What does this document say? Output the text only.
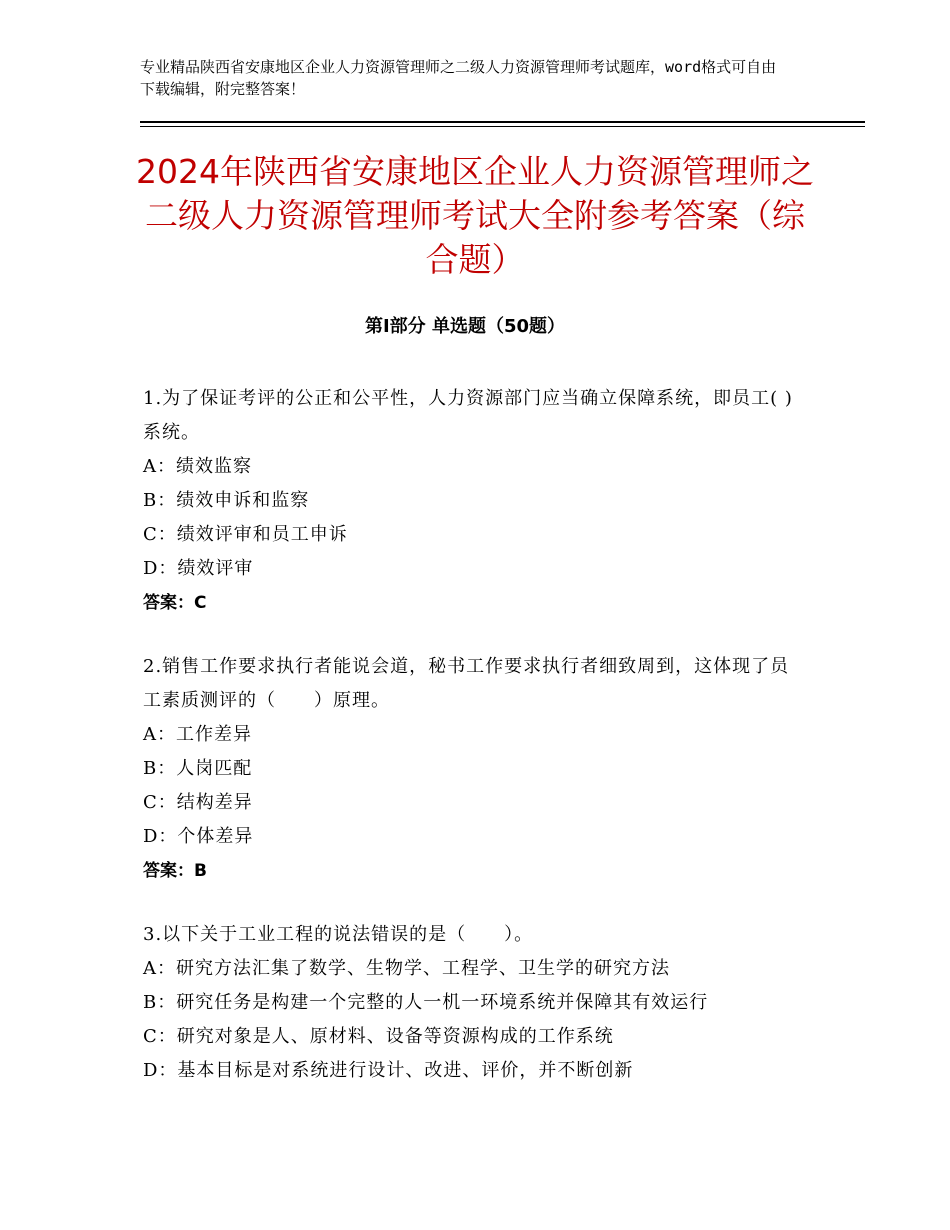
专业精品陕西省安康地区企业人力资源管理师之二级人力资源管理师考试题库，word格式可自由下载编辑，附完整答案！
2024年陕西省安康地区企业人力资源管理师之二级人力资源管理师考试大全附参考答案（综合题）
第Ⅰ部分 单选题（50题）
1.为了保证考评的公正和公平性，人力资源部门应当确立保障系统，即员工( )系统。
A：绩效监察
B：绩效申诉和监察
C：绩效评审和员工申诉
D：绩效评审
答案：C
2.销售工作要求执行者能说会道，秘书工作要求执行者细致周到，这体现了员工素质测评的（　　）原理。
A：工作差异
B：人岗匹配
C：结构差异
D：个体差异
答案：B
3.以下关于工业工程的说法错误的是（　　）。
A：研究方法汇集了数学、生物学、工程学、卫生学的研究方法
B：研究任务是构建一个完整的人一机一环境系统并保障其有效运行
C：研究对象是人、原材料、设备等资源构成的工作系统
D：基本目标是对系统进行设计、改进、评价，并不断创新
